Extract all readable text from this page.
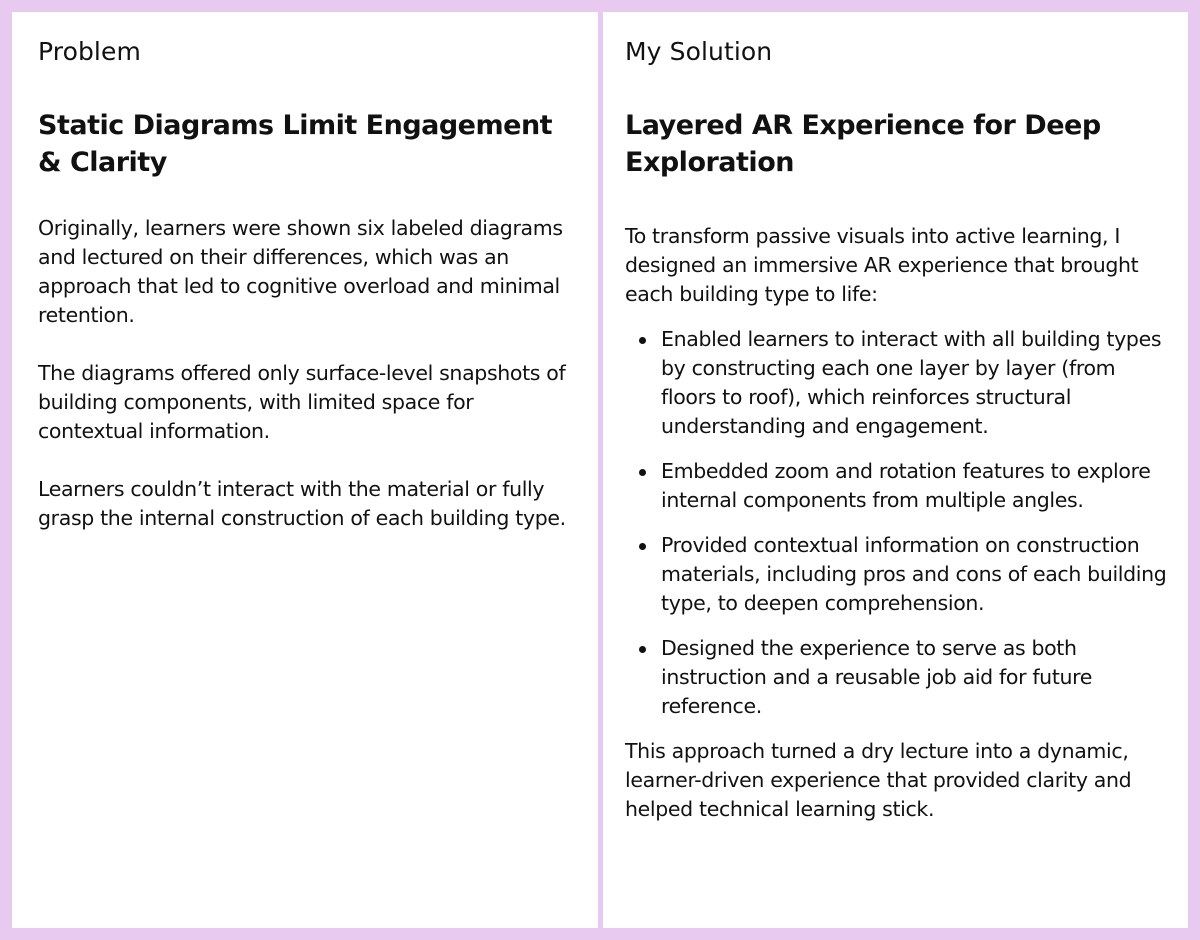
Problem
Static Diagrams Limit Engagement & Clarity

Originally, learners were shown six labeled diagrams and lectured on their differences, which was an approach that led to cognitive overload and minimal retention.

The diagrams offered only surface-level snapshots of building components, with limited space for contextual information.

Learners couldn’t interact with the material or fully grasp the internal construction of each building type.

My Solution
Layered AR Experience for Deep Exploration

To transform passive visuals into active learning, I designed an immersive AR experience that brought each building type to life:

Enabled learners to interact with all building types by constructing each one layer by layer (from floors to roof), which reinforces structural understanding and engagement.
Embedded zoom and rotation features to explore internal components from multiple angles.
Provided contextual information on construction materials, including pros and cons of each building type, to deepen comprehension.
Designed the experience to serve as both instruction and a reusable job aid for future reference.

This approach turned a dry lecture into a dynamic, learner-driven experience that provided clarity and helped technical learning stick.
